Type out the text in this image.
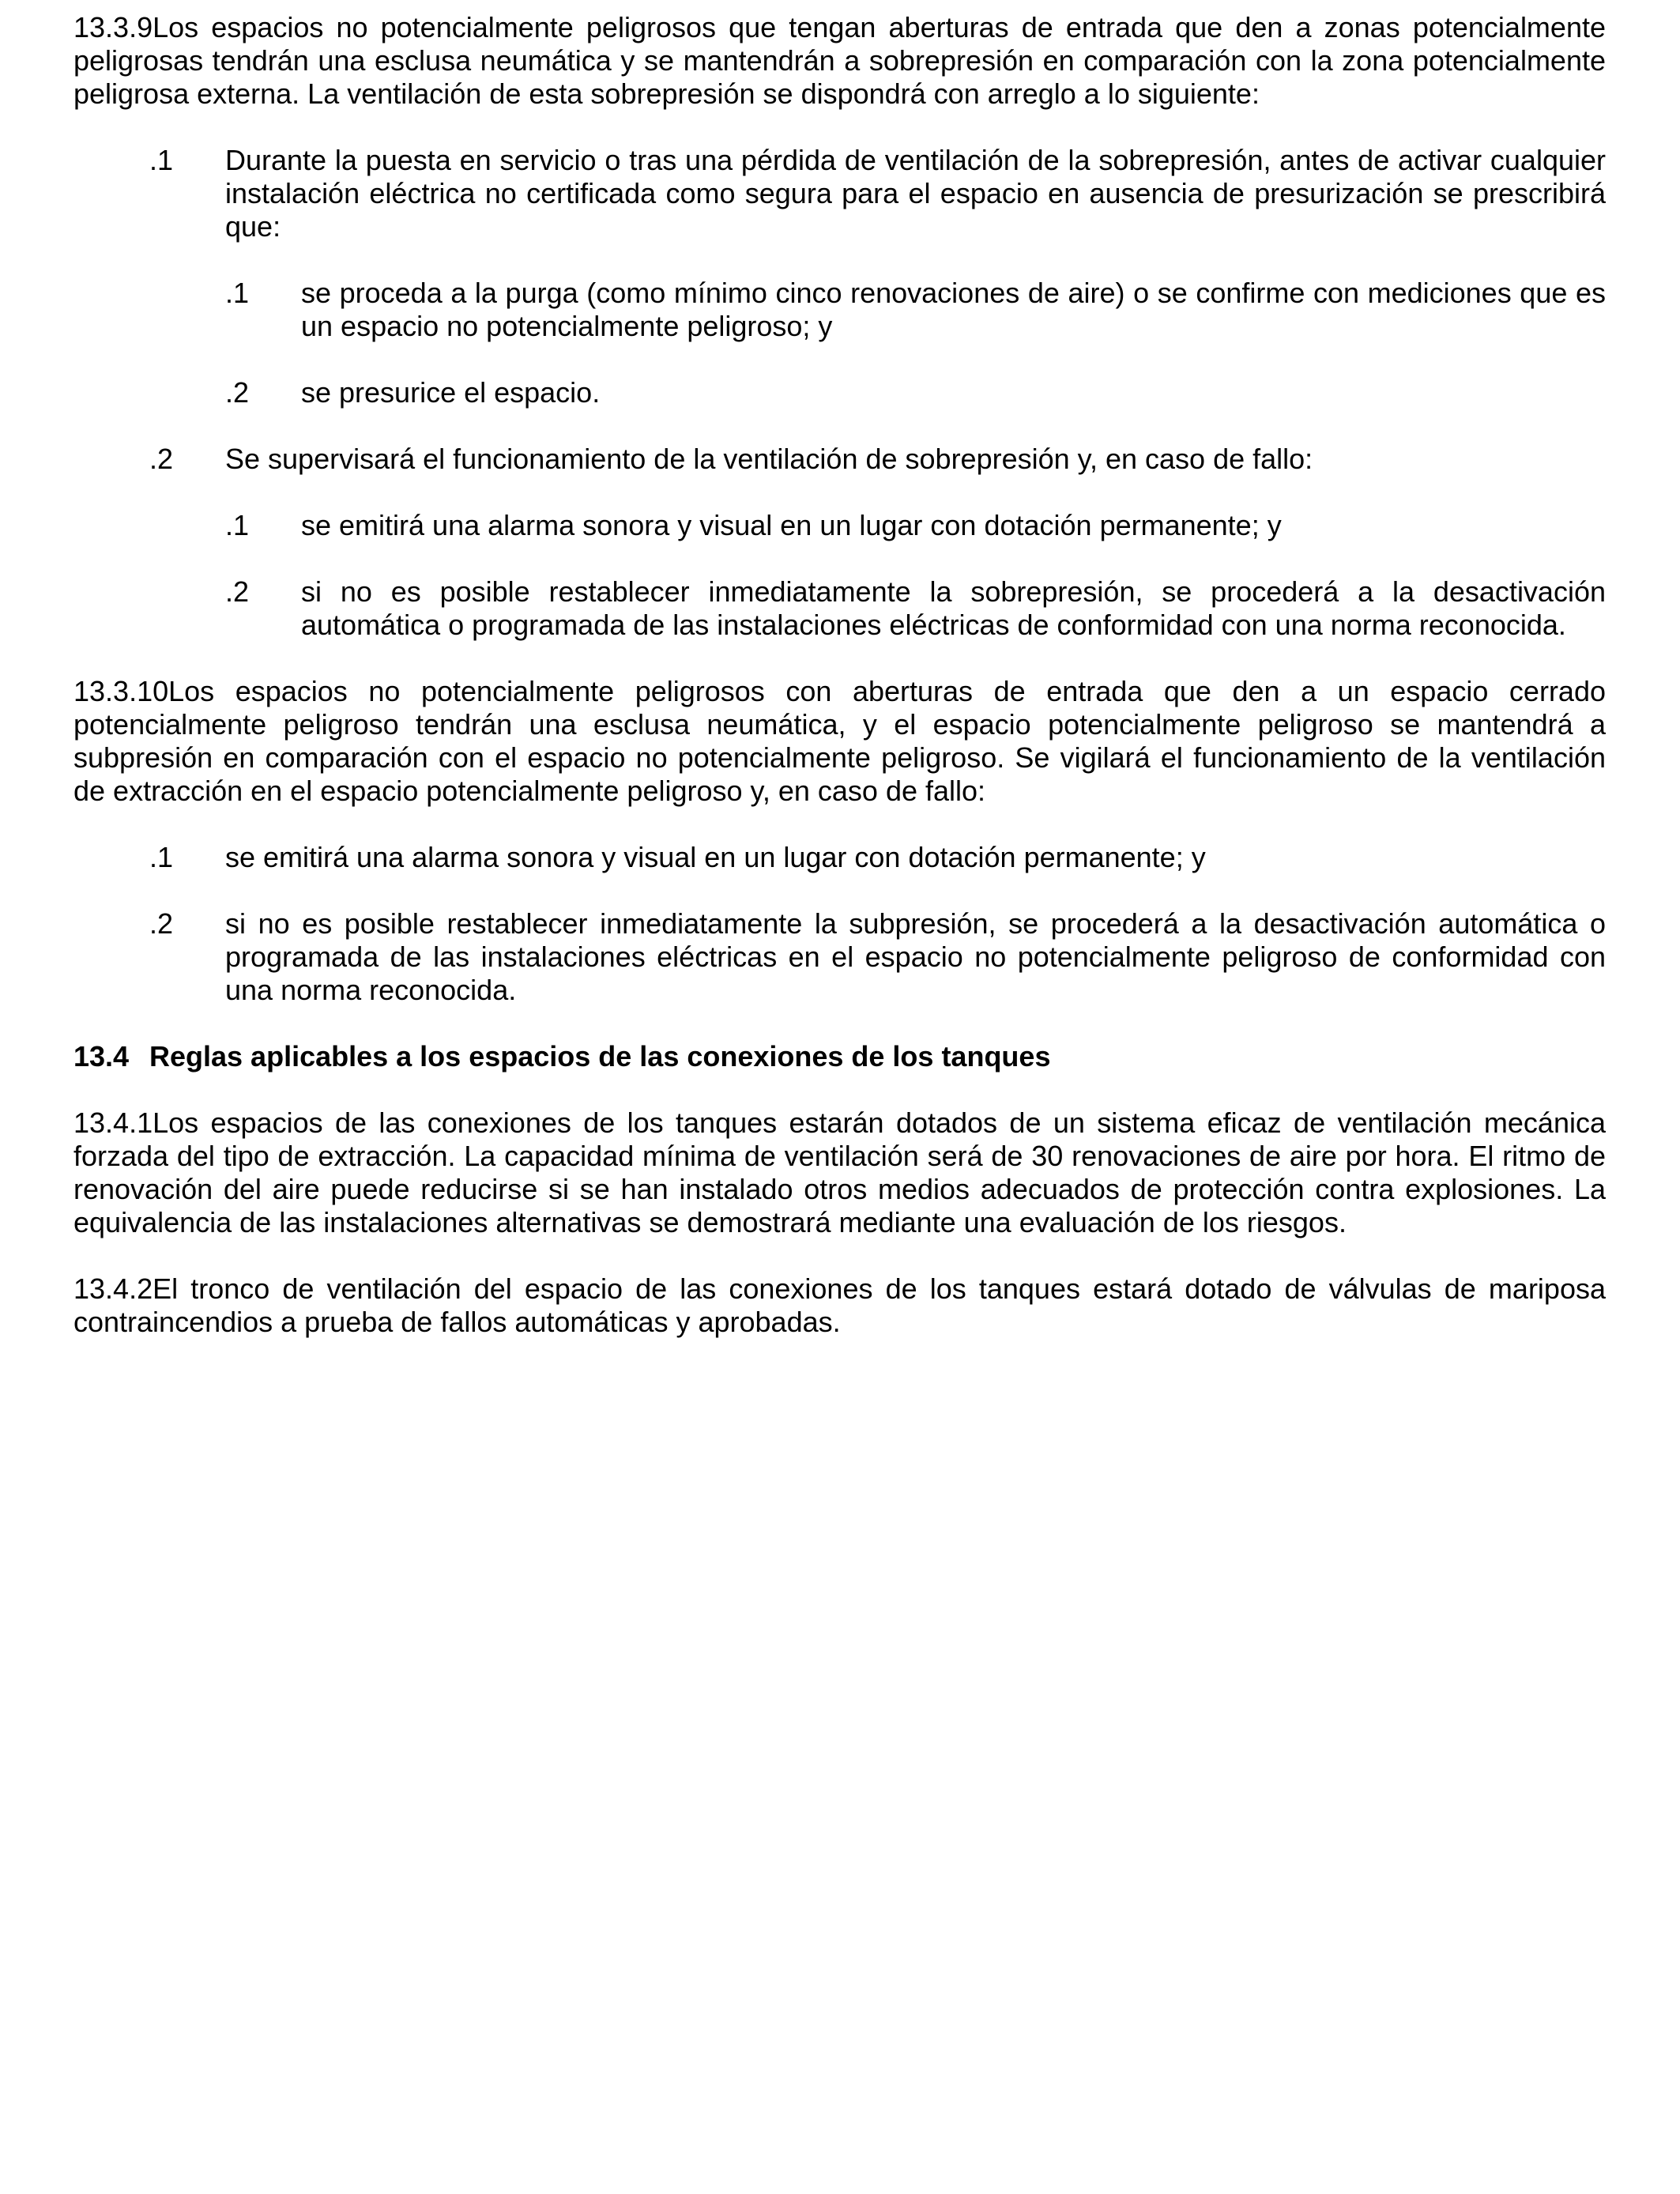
13.3.9Los espacios no potencialmente peligrosos que tengan aberturas de entrada que den a zonas potencialmente peligrosas tendrán una esclusa neumática y se mantendrán a sobrepresión en comparación con la zona potencialmente peligrosa externa. La ventilación de esta sobrepresión se dispondrá con arreglo a lo siguiente:

.1	Durante la puesta en servicio o tras una pérdida de ventilación de la sobrepresión, antes de activar cualquier instalación eléctrica no certificada como segura para el espacio en ausencia de presurización se prescribirá que:
.1	se proceda a la purga (como mínimo cinco renovaciones de aire) o se confirme con mediciones que es un espacio no potencialmente peligroso; y
.2	se presurice el espacio.
.2	Se supervisará el funcionamiento de la ventilación de sobrepresión y, en caso de fallo:
.1	se emitirá una alarma sonora y visual en un lugar con dotación permanente; y
.2	si no es posible restablecer inmediatamente la sobrepresión, se procederá a la desactivación automática o programada de las instalaciones eléctricas de conformidad con una norma reconocida.

13.3.10Los espacios no potencialmente peligrosos con aberturas de entrada que den a un espacio cerrado potencialmente peligroso tendrán una esclusa neumática, y el espacio potencialmente peligroso se mantendrá a subpresión en comparación con el espacio no potencialmente peligroso. Se vigilará el funcionamiento de la ventilación de extracción en el espacio potencialmente peligroso y, en caso de fallo:

.1	se emitirá una alarma sonora y visual en un lugar con dotación permanente; y
.2	si no es posible restablecer inmediatamente la subpresión, se procederá a la desactivación automática o programada de las instalaciones eléctricas en el espacio no potencialmente peligroso de conformidad con una norma reconocida.

13.4 Reglas aplicables a los espacios de las conexiones de los tanques

13.4.1Los espacios de las conexiones de los tanques estarán dotados de un sistema eficaz de ventilación mecánica forzada del tipo de extracción. La capacidad mínima de ventilación será de 30 renovaciones de aire por hora. El ritmo de renovación del aire puede reducirse si se han instalado otros medios adecuados de protección contra explosiones. La equivalencia de las instalaciones alternativas se demostrará mediante una evaluación de los riesgos.

13.4.2El tronco de ventilación del espacio de las conexiones de los tanques estará dotado de válvulas de mariposa contraincendios a prueba de fallos automáticas y aprobadas.
